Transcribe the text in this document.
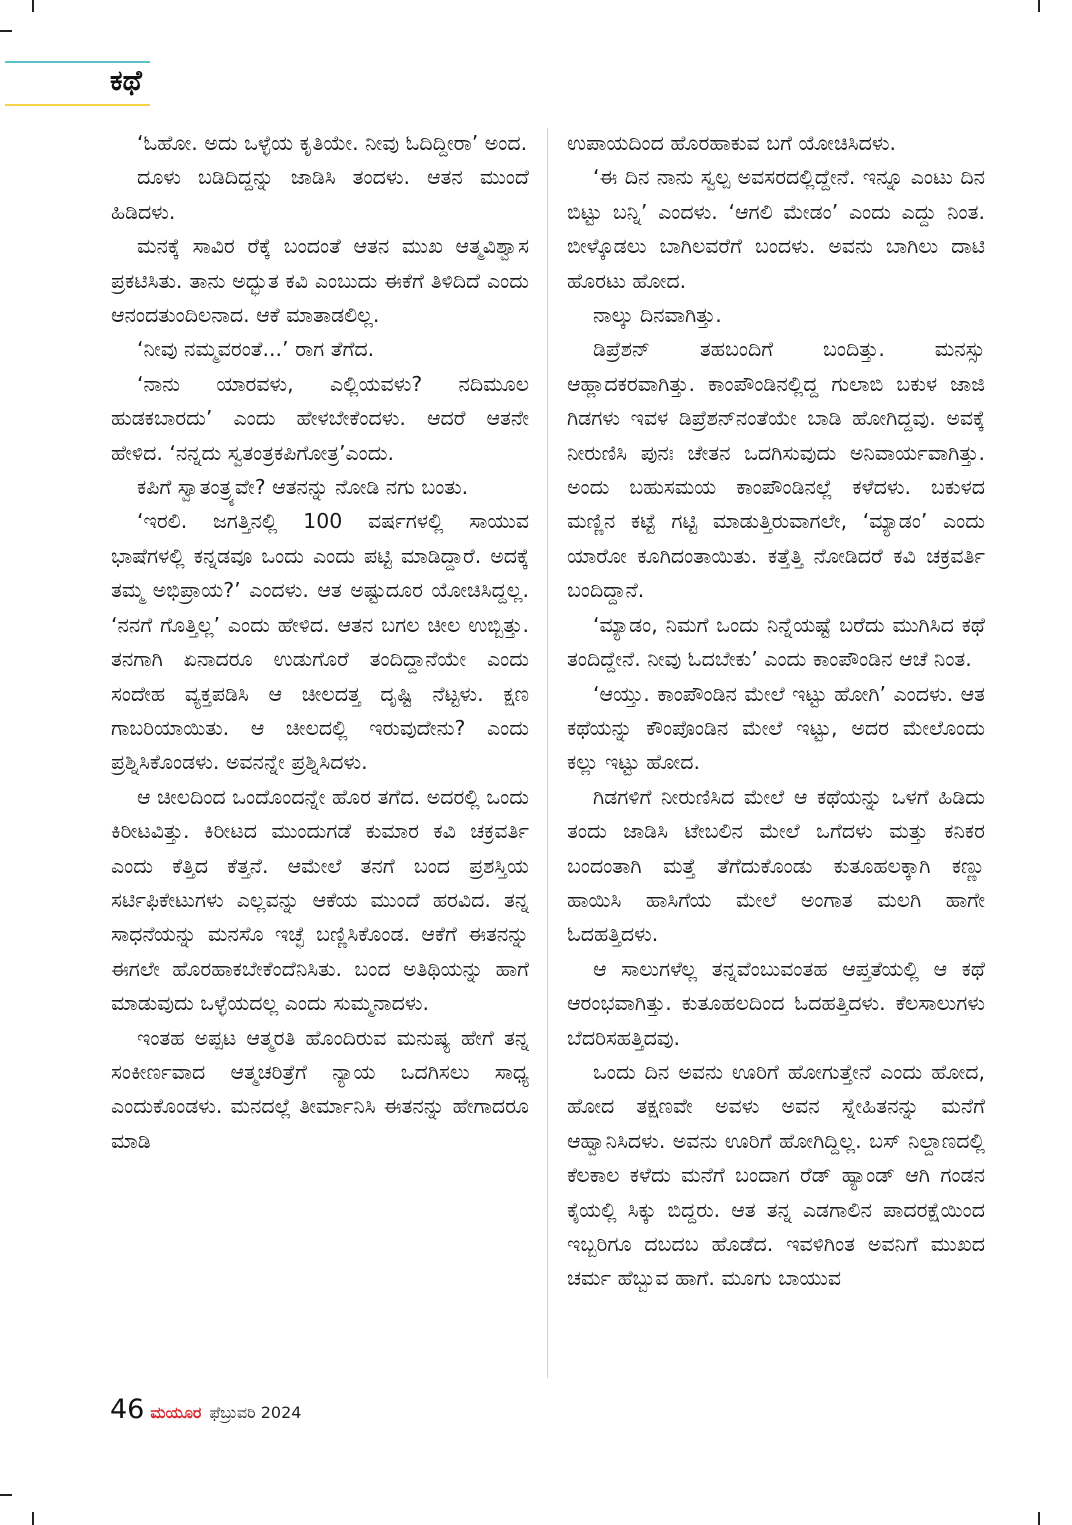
ಕಥೆ

‘ಓಹೋ. ಅದು ಒಳ್ಳೆಯ ಕೃತಿಯೇ. ನೀವು ಓದಿದ್ದೀರಾ’ ಅಂದ.

ದೂಳು ಬಡಿದಿದ್ದನ್ನು ಜಾಡಿಸಿ ತಂದಳು. ಆತನ ಮುಂದೆ ಹಿಡಿದಳು.

ಮನಕ್ಕೆ ಸಾವಿರ ರೆಕ್ಕೆ ಬಂದಂತೆ ಆತನ ಮುಖ ಆತ್ಮವಿಶ್ವಾಸ ಪ್ರಕಟಿಸಿತು. ತಾನು ಅದ್ಭುತ ಕವಿ ಎಂಬುದು ಈಕೆಗೆ ತಿಳಿದಿದೆ ಎಂದು ಆನಂದತುಂದಿಲನಾದ. ಆಕೆ ಮಾತಾಡಲಿಲ್ಲ.

‘ನೀವು ನಮ್ಮವರಂತೆ...’ ರಾಗ ತೆಗೆದ.

‘ನಾನು ಯಾರವಳು, ಎಲ್ಲಿಯವಳು? ನದಿಮೂಲ ಹುಡಕಬಾರದು’ ಎಂದು ಹೇಳಬೇಕೆಂದಳು. ಆದರೆ ಆತನೇ ಹೇಳಿದ. ‘ನನ್ನದು ಸ್ವತಂತ್ರಕಪಿಗೋತ್ರ’ಎಂದು.

ಕಪಿಗೆ ಸ್ವಾತಂತ್ರ್ಯವೇ? ಆತನನ್ನು ನೋಡಿ ನಗು ಬಂತು.

‘ಇರಲಿ. ಜಗತ್ತಿನಲ್ಲಿ 100 ವರ್ಷಗಳಲ್ಲಿ ಸಾಯುವ ಭಾಷೆಗಳಲ್ಲಿ ಕನ್ನಡವೂ ಒಂದು ಎಂದು ಪಟ್ಟಿ ಮಾಡಿದ್ದಾರೆ. ಅದಕ್ಕೆ ತಮ್ಮ ಅಭಿಪ್ರಾಯ?’ ಎಂದಳು. ಆತ ಅಷ್ಟುದೂರ ಯೋಚಿಸಿದ್ದಲ್ಲ. ‘ನನಗೆ ಗೊತ್ತಿಲ್ಲ’ ಎಂದು ಹೇಳಿದ. ಆತನ ಬಗಲ ಚೀಲ ಉಬ್ಬಿತ್ತು. ತನಗಾಗಿ ಏನಾದರೂ ಉಡುಗೊರೆ ತಂದಿದ್ದಾನೆಯೇ ಎಂದು ಸಂದೇಹ ವ್ಯಕ್ತಪಡಿಸಿ ಆ ಚೀಲದತ್ತ ದೃಷ್ಟಿ ನೆಟ್ಟಳು. ಕ್ಷಣ ಗಾಬರಿಯಾಯಿತು. ಆ ಚೀಲದಲ್ಲಿ ಇರುವುದೇನು? ಎಂದು ಪ್ರಶ್ನಿಸಿಕೊಂಡಳು. ಅವನನ್ನೇ ಪ್ರಶ್ನಿಸಿದಳು.

ಆ ಚೀಲದಿಂದ ಒಂದೊಂದನ್ನೇ ಹೊರ ತಗೆದ. ಅದರಲ್ಲಿ ಒಂದು ಕಿರೀಟವಿತ್ತು. ಕಿರೀಟದ ಮುಂದುಗಡೆ ಕುಮಾರ ಕವಿ ಚಕ್ರವರ್ತಿ ಎಂದು ಕೆತ್ತಿದ ಕೆತ್ತನೆ. ಆಮೇಲೆ ತನಗೆ ಬಂದ ಪ್ರಶಸ್ತಿಯ ಸರ್ಟಿಫಿಕೇಟುಗಳು ಎಲ್ಲವನ್ನು ಆಕೆಯ ಮುಂದೆ ಹರವಿದ. ತನ್ನ ಸಾಧನೆಯನ್ನು ಮನಸೊ ಇಚ್ಛೆ ಬಣ್ಣಿಸಿಕೊಂಡ. ಆಕೆಗೆ ಈತನನ್ನು ಈಗಲೇ ಹೊರಹಾಕಬೇಕೆಂದೆನಿಸಿತು. ಬಂದ ಅತಿಥಿಯನ್ನು ಹಾಗೆ ಮಾಡುವುದು ಒಳ್ಳೆಯದಲ್ಲ ಎಂದು ಸುಮ್ಮನಾದಳು.

ಇಂತಹ ಅಪ್ಪಟ ಆತ್ಮರತಿ ಹೊಂದಿರುವ ಮನುಷ್ಯ ಹೇಗೆ ತನ್ನ ಸಂಕೀರ್ಣವಾದ ಆತ್ಮಚರಿತ್ರೆಗೆ ನ್ಯಾಯ ಒದಗಿಸಲು ಸಾಧ್ಯ ಎಂದುಕೊಂಡಳು. ಮನದಲ್ಲೆ ತೀರ್ಮಾನಿಸಿ ಈತನನ್ನು ಹೇಗಾದರೂ ಮಾಡಿ

ಉಪಾಯದಿಂದ ಹೊರಹಾಕುವ ಬಗೆ ಯೋಚಿಸಿದಳು.

‘ಈ ದಿನ ನಾನು ಸ್ವಲ್ಪ ಅವಸರದಲ್ಲಿದ್ದೇನೆ. ಇನ್ನೂ ಎಂಟು ದಿನ ಬಿಟ್ಟು ಬನ್ನಿ’ ಎಂದಳು. ‘ಆಗಲಿ ಮೇಡಂ’ ಎಂದು ಎದ್ದು ನಿಂತ. ಬೀಳ್ಕೊಡಲು ಬಾಗಿಲವರೆಗೆ ಬಂದಳು. ಅವನು ಬಾಗಿಲು ದಾಟಿ ಹೊರಟು ಹೋದ.

ನಾಲ್ಕು ದಿನವಾಗಿತ್ತು.

ಡಿಪ್ರೆಶನ್ ತಹಬಂದಿಗೆ ಬಂದಿತ್ತು. ಮನಸ್ಸು ಆಹ್ಲಾದಕರವಾಗಿತ್ತು. ಕಾಂಪೌಂಡಿನಲ್ಲಿದ್ದ ಗುಲಾಬಿ ಬಕುಳ ಜಾಜಿ ಗಿಡಗಳು ಇವಳ ಡಿಪ್ರೆಶನ್‌ನಂತೆಯೇ ಬಾಡಿ ಹೋಗಿದ್ದವು. ಅವಕ್ಕೆ ನೀರುಣಿಸಿ ಪುನಃ ಚೇತನ ಒದಗಿಸುವುದು ಅನಿವಾರ್ಯವಾಗಿತ್ತು. ಅಂದು ಬಹುಸಮಯ ಕಾಂಪೌಂಡಿನಲ್ಲೆ ಕಳೆದಳು. ಬಕುಳದ ಮಣ್ಣಿನ ಕಟ್ಟೆ ಗಟ್ಟಿ ಮಾಡುತ್ತಿರುವಾಗಲೇ, ‘ಮ್ಯಾಡಂ’ ಎಂದು ಯಾರೋ ಕೂಗಿದಂತಾಯಿತು. ಕತ್ತೆತ್ತಿ ನೋಡಿದರೆ ಕವಿ ಚಕ್ರವರ್ತಿ ಬಂದಿದ್ದಾನೆ.

‘ಮ್ಯಾಡಂ, ನಿಮಗೆ ಒಂದು ನಿನ್ನೆಯಷ್ಟೆ ಬರೆದು ಮುಗಿಸಿದ ಕಥೆ ತಂದಿದ್ದೇನೆ. ನೀವು ಓದಬೇಕು’ ಎಂದು ಕಾಂಪೌಂಡಿನ ಆಚೆ ನಿಂತ.

‘ಆಯ್ತು. ಕಾಂಪೌಂಡಿನ ಮೇಲೆ ಇಟ್ಟು ಹೋಗಿ’ ಎಂದಳು. ಆತ ಕಥೆಯನ್ನು ಕೌಂಪೊಂಡಿನ ಮೇಲೆ ಇಟ್ಟು, ಅದರ ಮೇಲೊಂದು ಕಲ್ಲು ಇಟ್ಟು ಹೋದ.

ಗಿಡಗಳಿಗೆ ನೀರುಣಿಸಿದ ಮೇಲೆ ಆ ಕಥೆಯನ್ನು ಒಳಗೆ ಹಿಡಿದು ತಂದು ಜಾಡಿಸಿ ಟೇಬಲಿನ ಮೇಲೆ ಒಗೆದಳು ಮತ್ತು ಕನಿಕರ ಬಂದಂತಾಗಿ ಮತ್ತೆ ತೆಗೆದುಕೊಂಡು ಕುತೂಹಲಕ್ಕಾಗಿ ಕಣ್ಣು ಹಾಯಿಸಿ ಹಾಸಿಗೆಯ ಮೇಲೆ ಅಂಗಾತ ಮಲಗಿ ಹಾಗೇ ಓದಹತ್ತಿದಳು.

ಆ ಸಾಲುಗಳೆಲ್ಲ ತನ್ನವೆಂಬುವಂತಹ ಆಪ್ತತೆಯಲ್ಲಿ ಆ ಕಥೆ ಆರಂಭವಾಗಿತ್ತು. ಕುತೂಹಲದಿಂದ ಓದಹತ್ತಿದಳು. ಕೆಲಸಾಲುಗಳು ಬೆದರಿಸಹತ್ತಿದವು.

ಒಂದು ದಿನ ಅವನು ಊರಿಗೆ ಹೋಗುತ್ತೇನೆ ಎಂದು ಹೋದ, ಹೋದ ತಕ್ಷಣವೇ ಅವಳು ಅವನ ಸ್ನೇಹಿತನನ್ನು ಮನೆಗೆ ಆಹ್ವಾನಿಸಿದಳು. ಅವನು ಊರಿಗೆ ಹೋಗಿದ್ದಿಲ್ಲ. ಬಸ್ ನಿಲ್ದಾಣದಲ್ಲಿ ಕೆಲಕಾಲ ಕಳೆದು ಮನೆಗೆ ಬಂದಾಗ ರೆಡ್ ಹ್ಯಾಂಡ್ ಆಗಿ ಗಂಡನ ಕೈಯಲ್ಲಿ ಸಿಕ್ಕು ಬಿದ್ದರು. ಆತ ತನ್ನ ಎಡಗಾಲಿನ ಪಾದರಕ್ಷೆಯಿಂದ ಇಬ್ಬರಿಗೂ ದಬದಬ ಹೊಡೆದ. ಇವಳಿಗಿಂತ ಅವನಿಗೆ ಮುಖದ ಚರ್ಮ ಹೆಬ್ಬುವ ಹಾಗೆ. ಮೂಗು ಬಾಯುವ

46 ಮಯೂರ ಫೆಬ್ರುವರಿ 2024
